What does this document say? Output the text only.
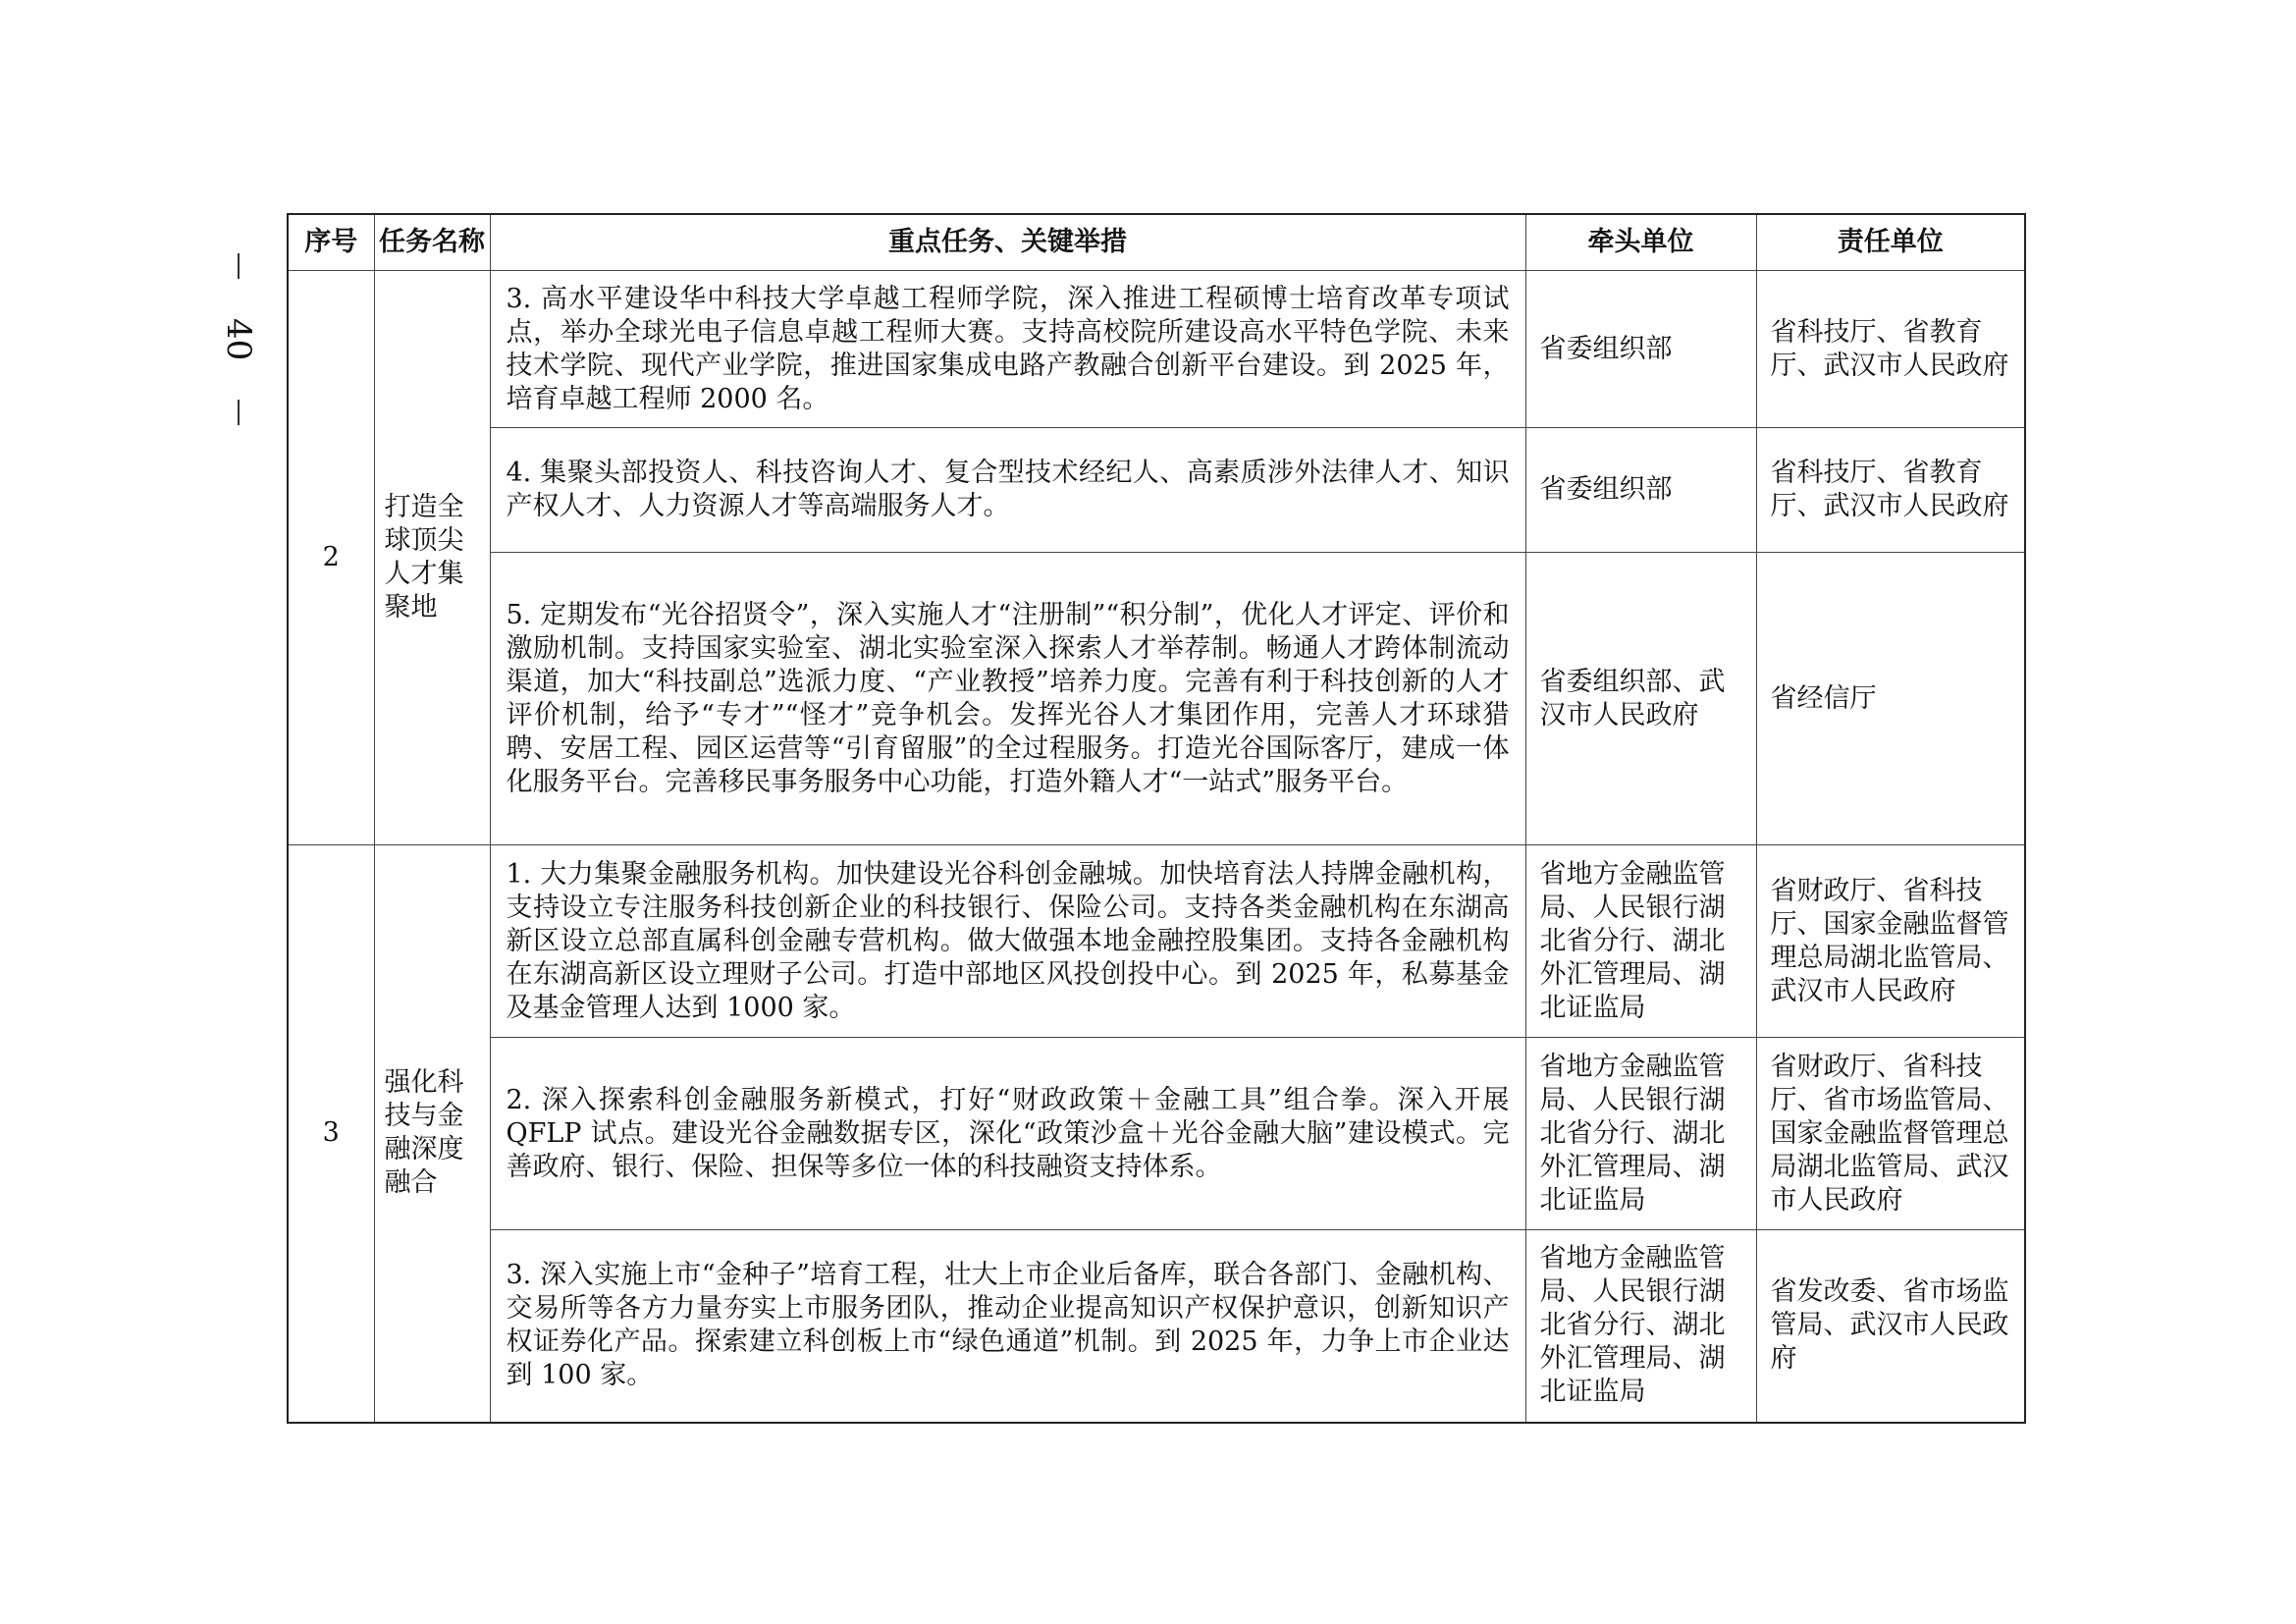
40
序号	任务名称	重点任务、关键举措	牵头单位	责任单位
2	打造全球顶尖人才集聚地	3. 高水平建设华中科技大学卓越工程师学院，深入推进工程硕博士培育改革专项试点，举办全球光电子信息卓越工程师大赛。支持高校院所建设高水平特色学院、未来技术学院、现代产业学院，推进国家集成电路产教融合创新平台建设。到 2025 年，培育卓越工程师 2000 名。	省委组织部	省科技厅、省教育厅、武汉市人民政府
		4. 集聚头部投资人、科技咨询人才、复合型技术经纪人、高素质涉外法律人才、知识产权人才、人力资源人才等高端服务人才。	省委组织部	省科技厅、省教育厅、武汉市人民政府
		5. 定期发布“光谷招贤令”，深入实施人才“注册制”“积分制”，优化人才评定、评价和激励机制。支持国家实验室、湖北实验室深入探索人才举荐制。畅通人才跨体制流动渠道，加大“科技副总”选派力度、“产业教授”培养力度。完善有利于科技创新的人才评价机制，给予“专才”“怪才”竞争机会。发挥光谷人才集团作用，完善人才环球猎聘、安居工程、园区运营等“引育留服”的全过程服务。打造光谷国际客厅，建成一体化服务平台。完善移民事务服务中心功能，打造外籍人才“一站式”服务平台。	省委组织部、武汉市人民政府	省经信厅
3	强化科技与金融深度融合	1. 大力集聚金融服务机构。加快建设光谷科创金融城。加快培育法人持牌金融机构，支持设立专注服务科技创新企业的科技银行、保险公司。支持各类金融机构在东湖高新区设立总部直属科创金融专营机构。做大做强本地金融控股集团。支持各金融机构在东湖高新区设立理财子公司。打造中部地区风投创投中心。到 2025 年，私募基金及基金管理人达到 1000 家。	省地方金融监管局、人民银行湖北省分行、湖北外汇管理局、湖北证监局	省财政厅、省科技厅、国家金融监督管理总局湖北监管局、武汉市人民政府
		2. 深入探索科创金融服务新模式，打好“财政政策＋金融工具”组合拳。深入开展 QFLP 试点。建设光谷金融数据专区，深化“政策沙盒＋光谷金融大脑”建设模式。完善政府、银行、保险、担保等多位一体的科技融资支持体系。	省地方金融监管局、人民银行湖北省分行、湖北外汇管理局、湖北证监局	省财政厅、省科技厅、省市场监管局、国家金融监督管理总局湖北监管局、武汉市人民政府
		3. 深入实施上市“金种子”培育工程，壮大上市企业后备库，联合各部门、金融机构、交易所等各方力量夯实上市服务团队，推动企业提高知识产权保护意识，创新知识产权证券化产品。探索建立科创板上市“绿色通道”机制。到 2025 年，力争上市企业达到 100 家。	省地方金融监管局、人民银行湖北省分行、湖北外汇管理局、湖北证监局	省发改委、省市场监管局、武汉市人民政府
